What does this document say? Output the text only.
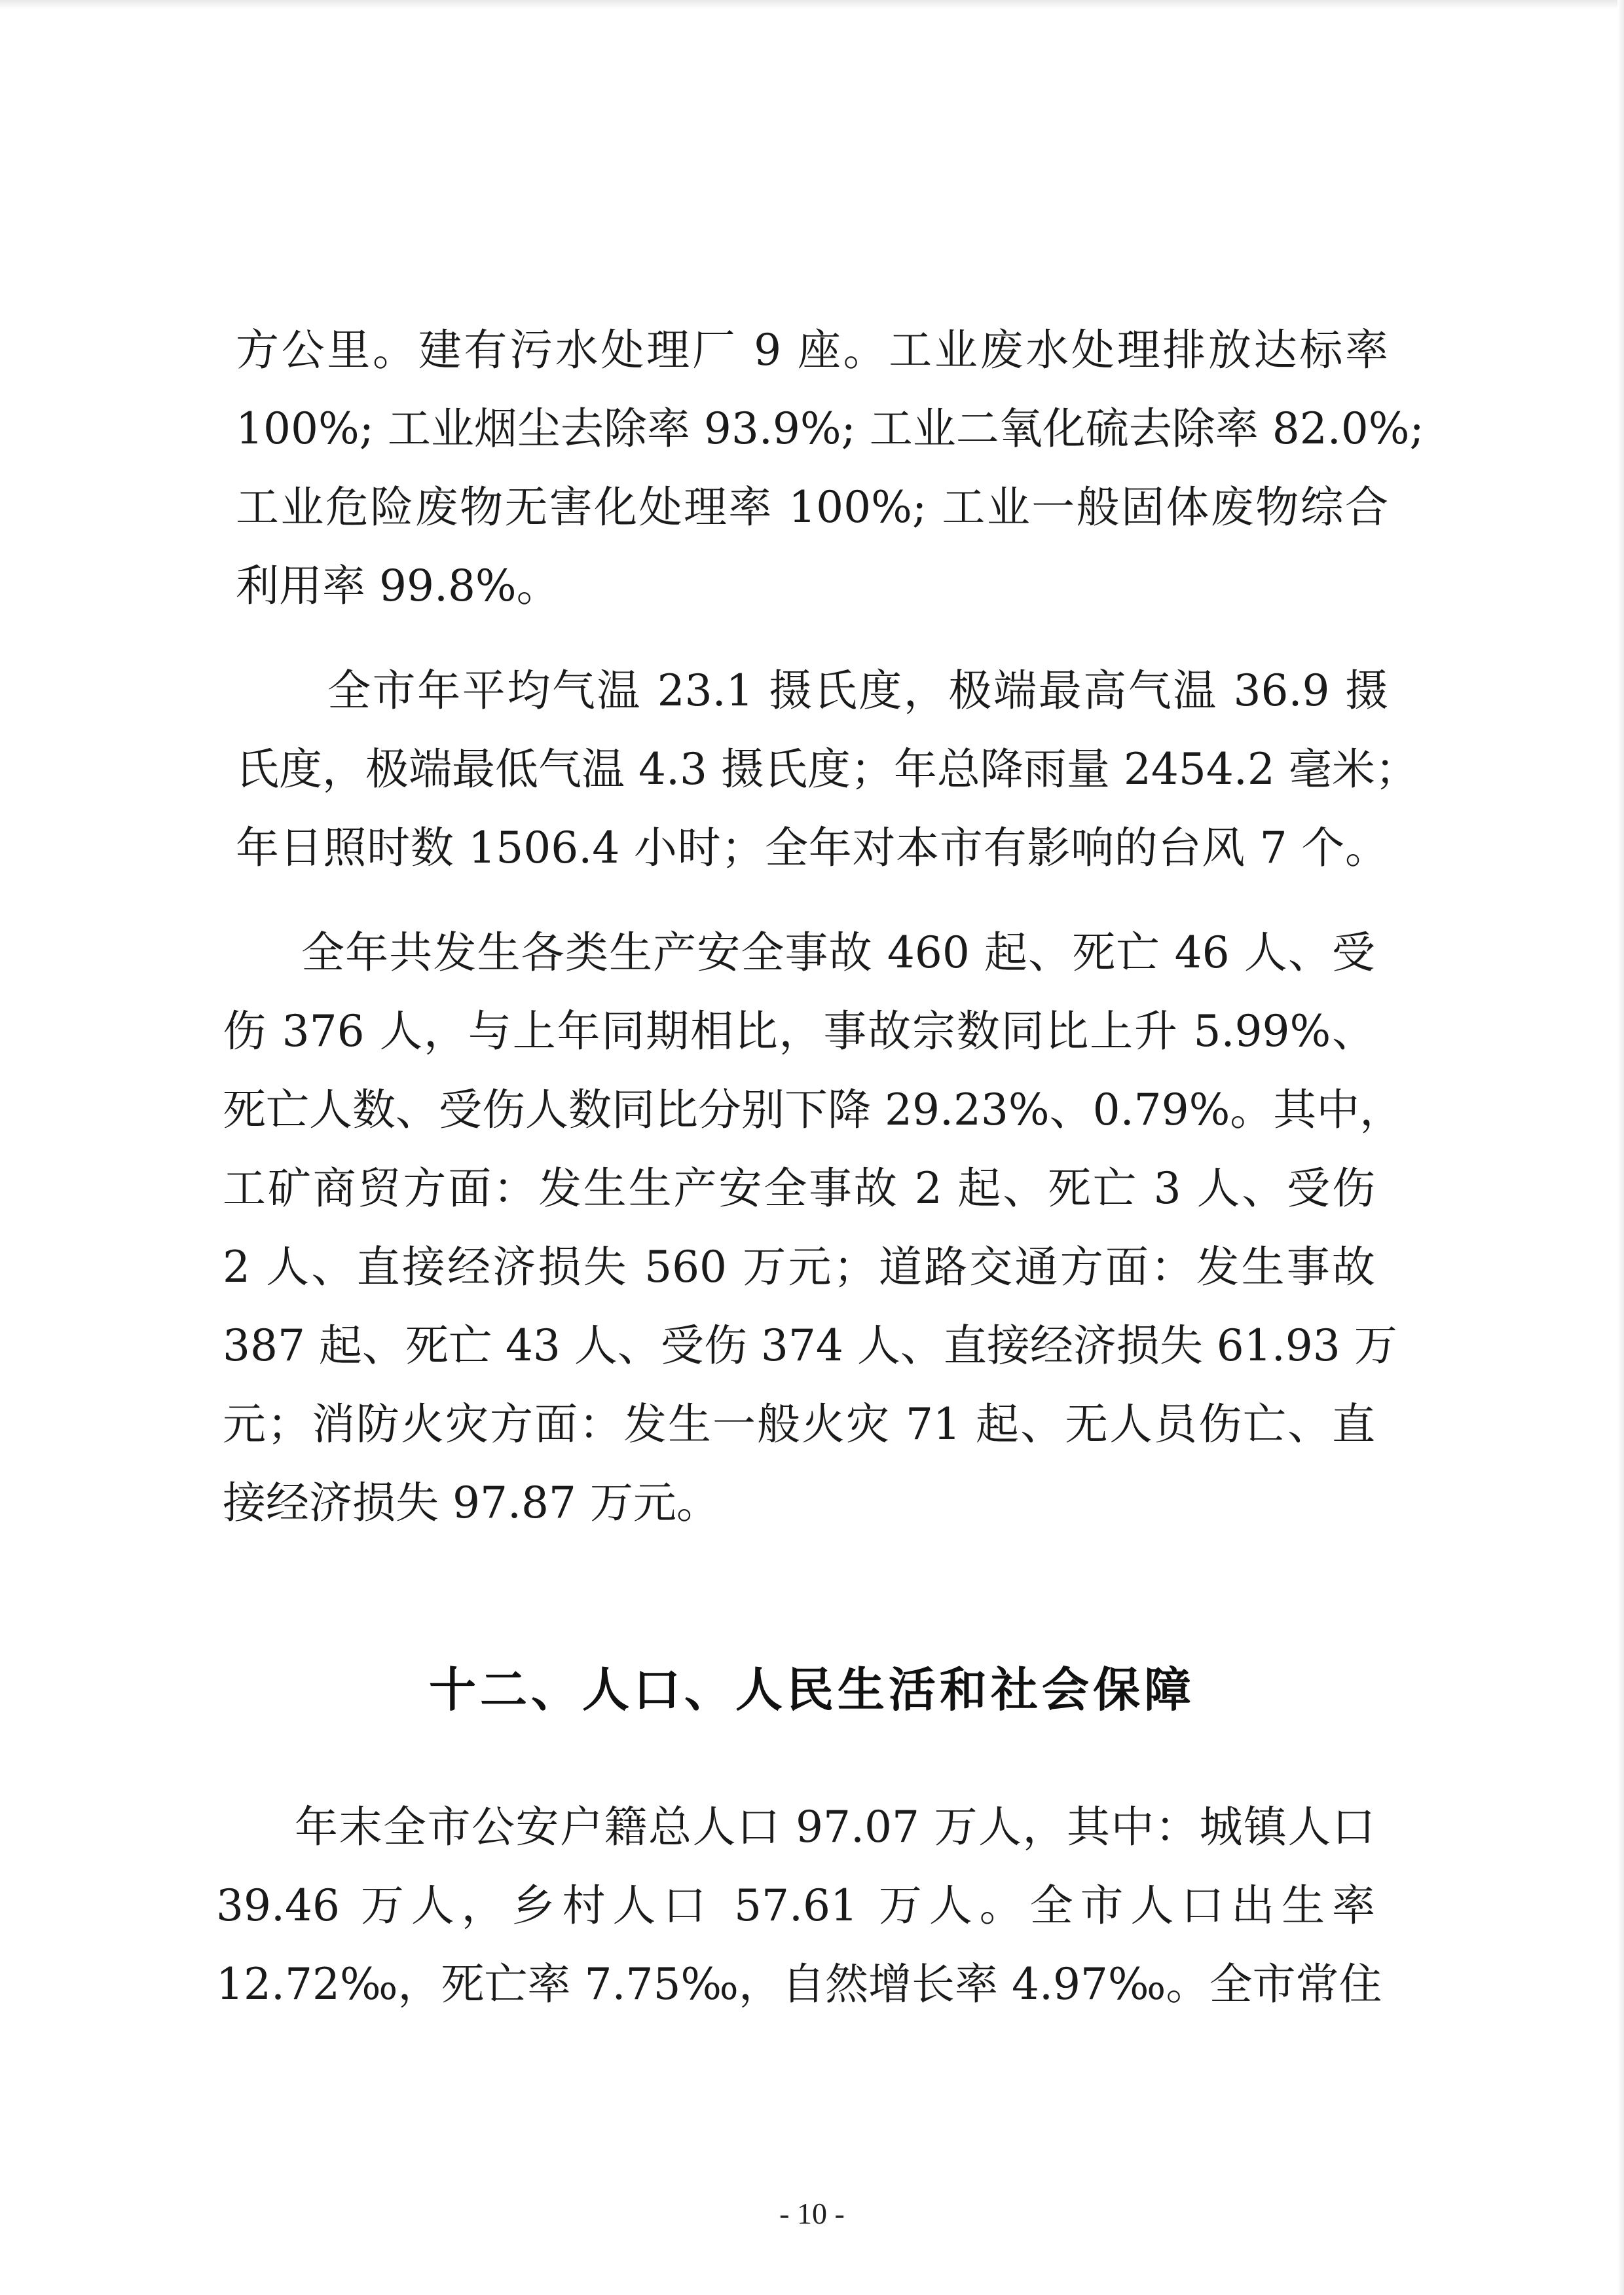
方公里。建有污水处理厂 9 座。工业废水处理排放达标率
100%; 工业烟尘去除率 93.9%; 工业二氧化硫去除率 82.0%;
工业危险废物无害化处理率 100%; 工业一般固体废物综合
利用率 99.8%。
全市年平均气温 23.1 摄氏度，极端最高气温 36.9 摄
氏度，极端最低气温 4.3 摄氏度；年总降雨量 2454.2 毫米；
年日照时数 1506.4 小时；全年对本市有影响的台风 7 个。
全年共发生各类生产安全事故 460 起、死亡 46 人、受
伤 376 人，与上年同期相比，事故宗数同比上升 5.99%、
死亡人数、受伤人数同比分别下降 29.23%、0.79%。其中，
工矿商贸方面：发生生产安全事故 2 起、死亡 3 人、受伤
2 人、直接经济损失 560 万元；道路交通方面：发生事故
387 起、死亡 43 人、受伤 374 人、直接经济损失 61.93 万
元；消防火灾方面：发生一般火灾 71 起、无人员伤亡、直
接经济损失 97.87 万元。
十二、人口、人民生活和社会保障
年末全市公安户籍总人口 97.07 万人，其中：城镇人口
39.46 万人，乡村人口 57.61 万人。全市人口出生率
12.72‰，死亡率 7.75‰，自然增长率 4.97‰。全市常住
- 10 -
